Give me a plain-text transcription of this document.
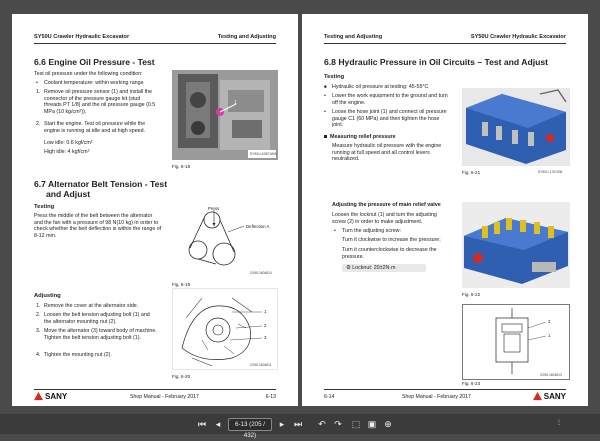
SY50U Crawler Hydraulic Excavator	Testing and Adjusting
6.6 Engine Oil Pressure - Test
Test oil pressure under the following condition:
• Coolant temperature: within working range
1. Remove oil pressure sensor (1) and install the connector of the pressure gauge kit (stud threads PT 1/8) and the oil pressure gauge (0.5 MPa (10 kg/cm²)).
2. Start the engine. Test oil pressure while the engine is running at idle and at high speed.
Low idle: 0.6 kgf/cm²
High idle: 4 kgf/cm²
1
SY50U-A0871806
Fig. 6-18
6.7 Alternator Belt Tension - Test
and Adjust
Testing
Press the middle of the belt between the alternator and the fan with a pressure of 98 N(10 kg) in order to check whether the belt deflection is within the range of 8-12 mm.
Press
Deflection A
ZX55-1604810
Fig. 6-19
Adjusting
1. Remove the cover at the alternator side.
2. Loosen the belt tension adjusting bolt (1) and the alternator mounting nut (2).
3. Move the alternator (3) toward body of machine. Tighten the belt tension adjusting bolt (1).
4. Tighten the mounting nut (2).
1
2
3
ZX55-1604811
Fig. 6-20
SANY	Shop Manual - February 2017	6-13
Testing and Adjusting	SY50U Crawler Hydraulic Excavator
6.8 Hydraulic Pressure in Oil Circuits – Test and Adjust
Testing
■ Hydraulic oil pressure at testing: 45-55°C
• Lower the work equipment to the ground and turn off the engine.
• Loose the hose joint (1) and connect oil pressure gauge C1 (60 MPa) and then tighten the hose joint.
Measuring relief pressure
Measure hydraulic oil pressure with the engine running at full speed and all control levers neutralized.
Fig. 6-21	SY50U-1701906
Adjusting the pressure of main relief valve
Loosen the locknut (1) and turn the adjusting screw (2) in order to make adjustment.
• Turn the adjusting screw:
Turn it clockwise to increase the pressure;
Turn it counterclockwise to decrease the pressure.
⚙ Locknut: 20±2N·m
Fig. 6-22
2
1
ZX55-1604813
Fig. 6-23
6-14	Shop Manual - February 2017	SANY
⏮	◂	6-13 (205 / 432)
▸	⏭ ↶ ↷ ⬚ ▣ ⊕	⋮
